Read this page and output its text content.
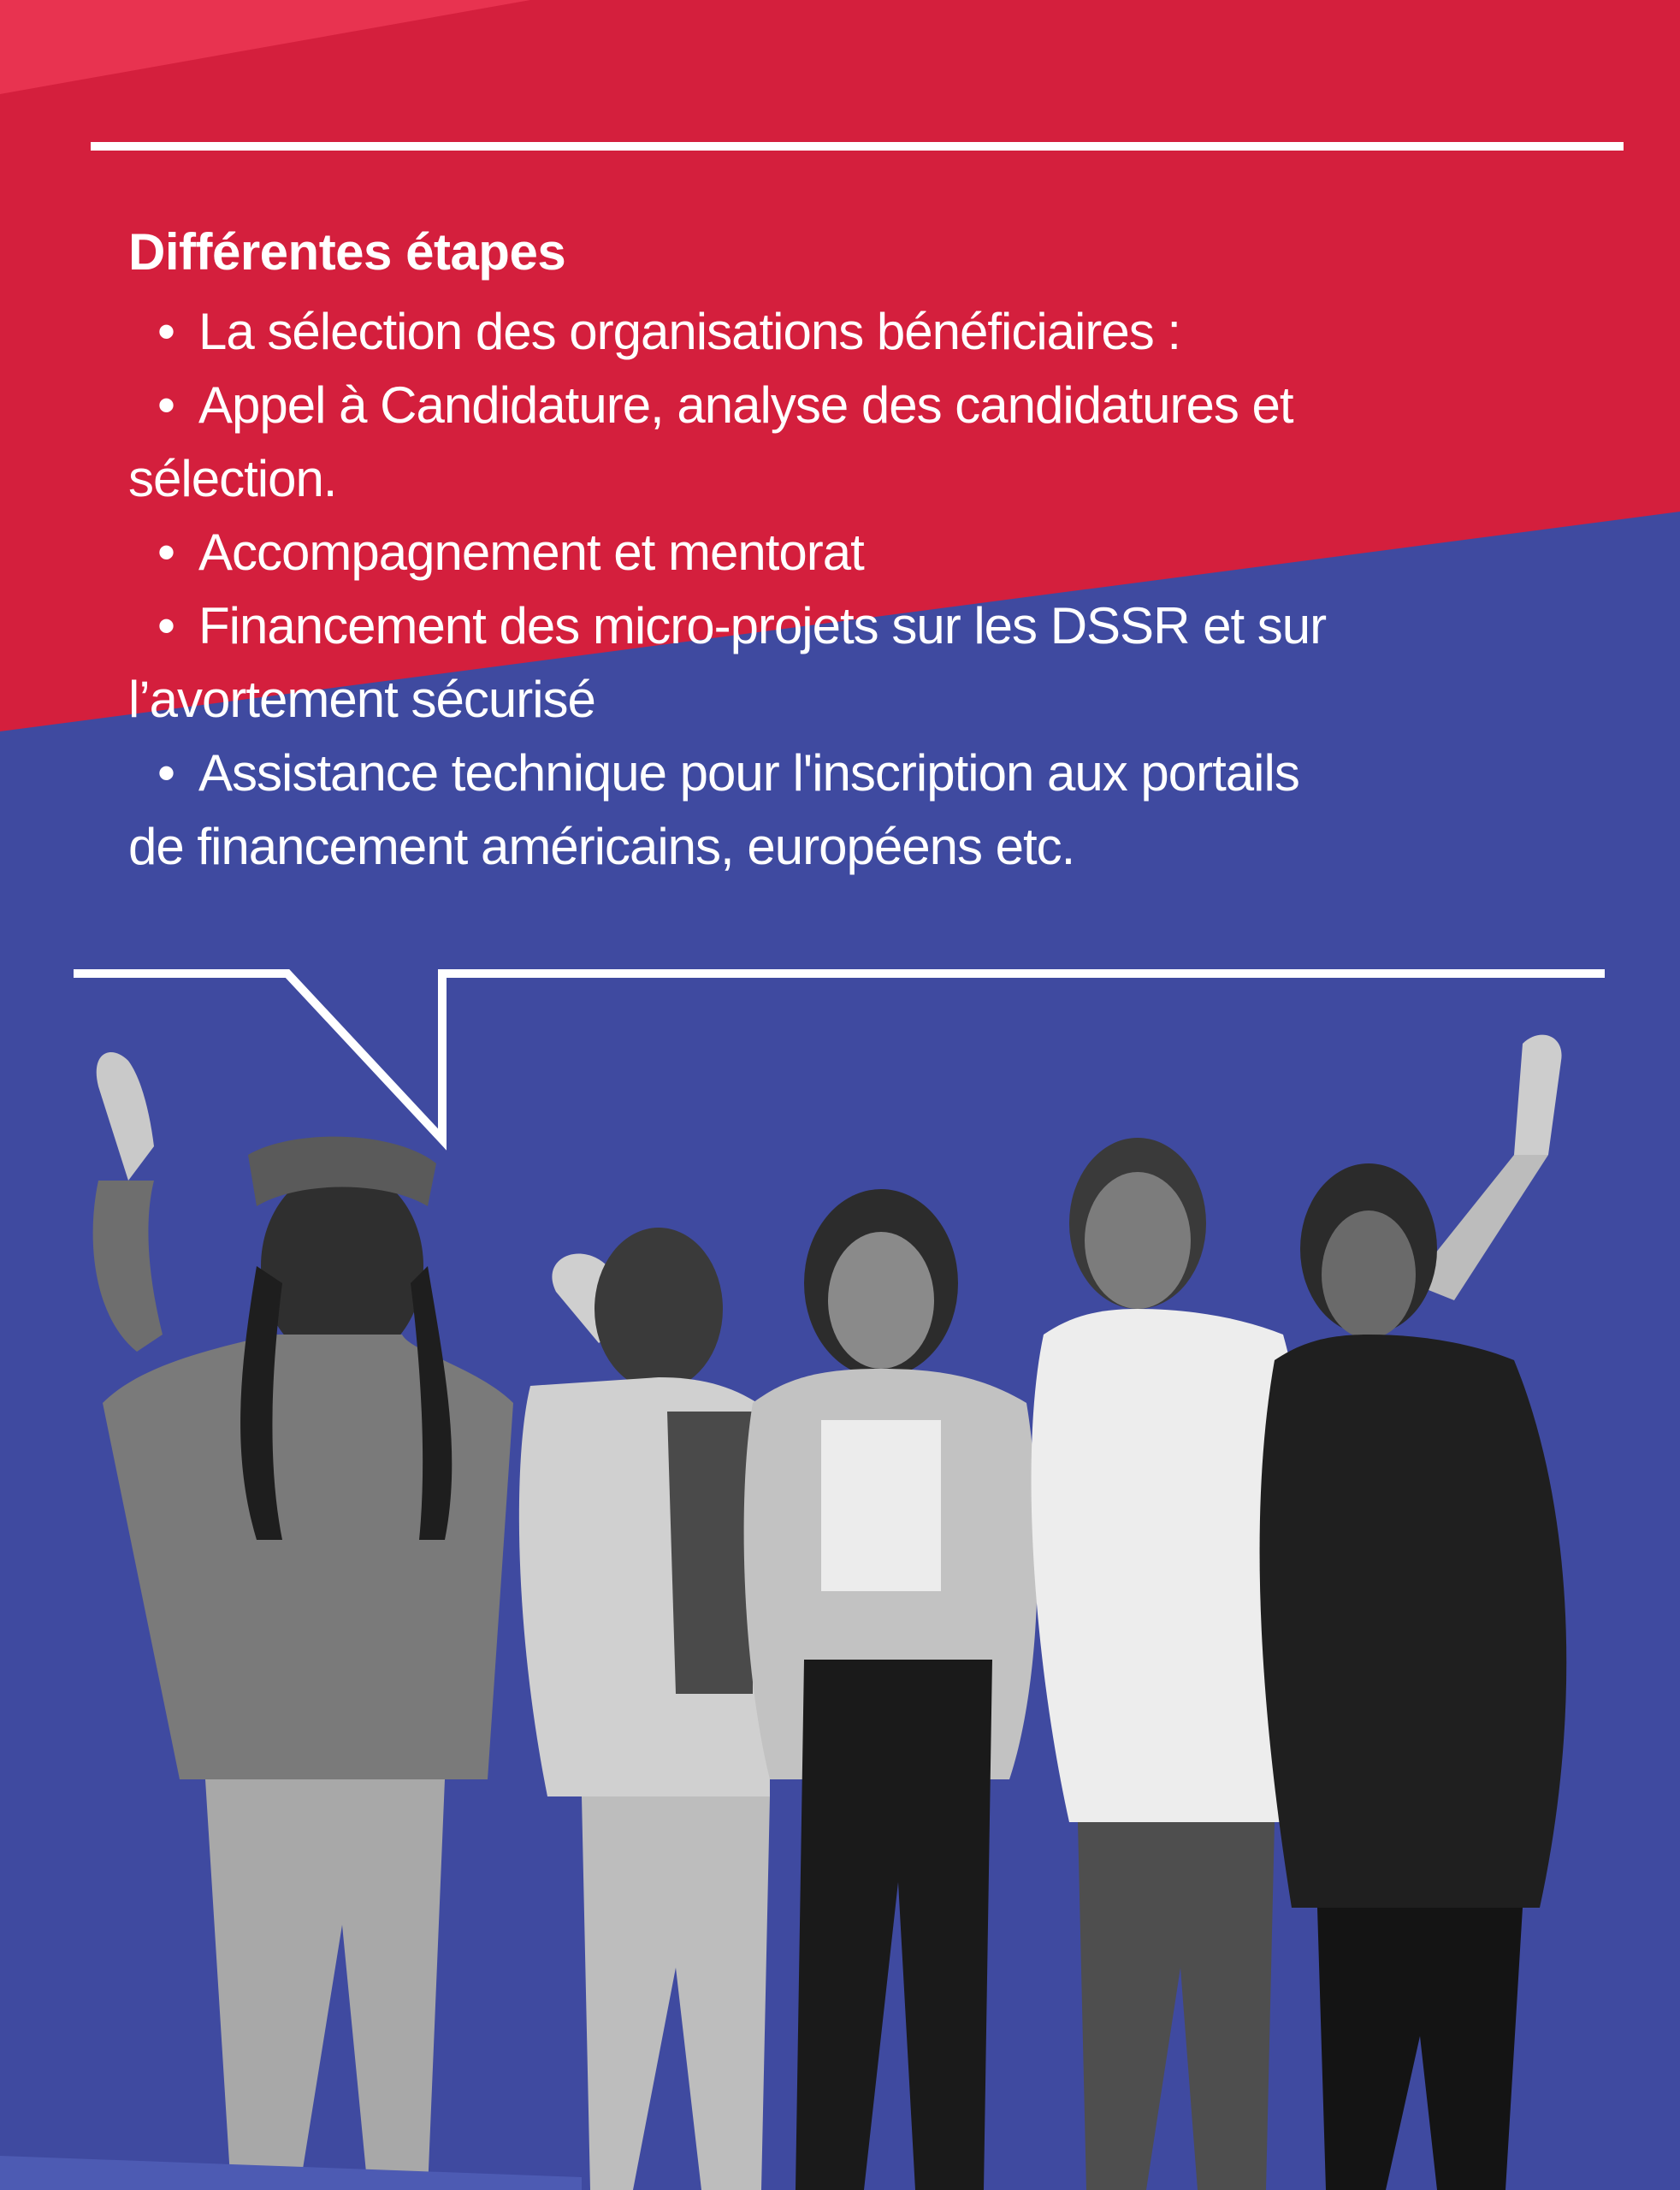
Différentes étapes
• La sélection des organisations bénéficiaires :
• Appel à Candidature, analyse des candidatures et
sélection.
• Accompagnement et mentorat
• Financement des micro-projets sur les DSSR et sur
l’avortement sécurisé
• Assistance technique pour l'inscription aux portails
de financement américains, européens etc.
